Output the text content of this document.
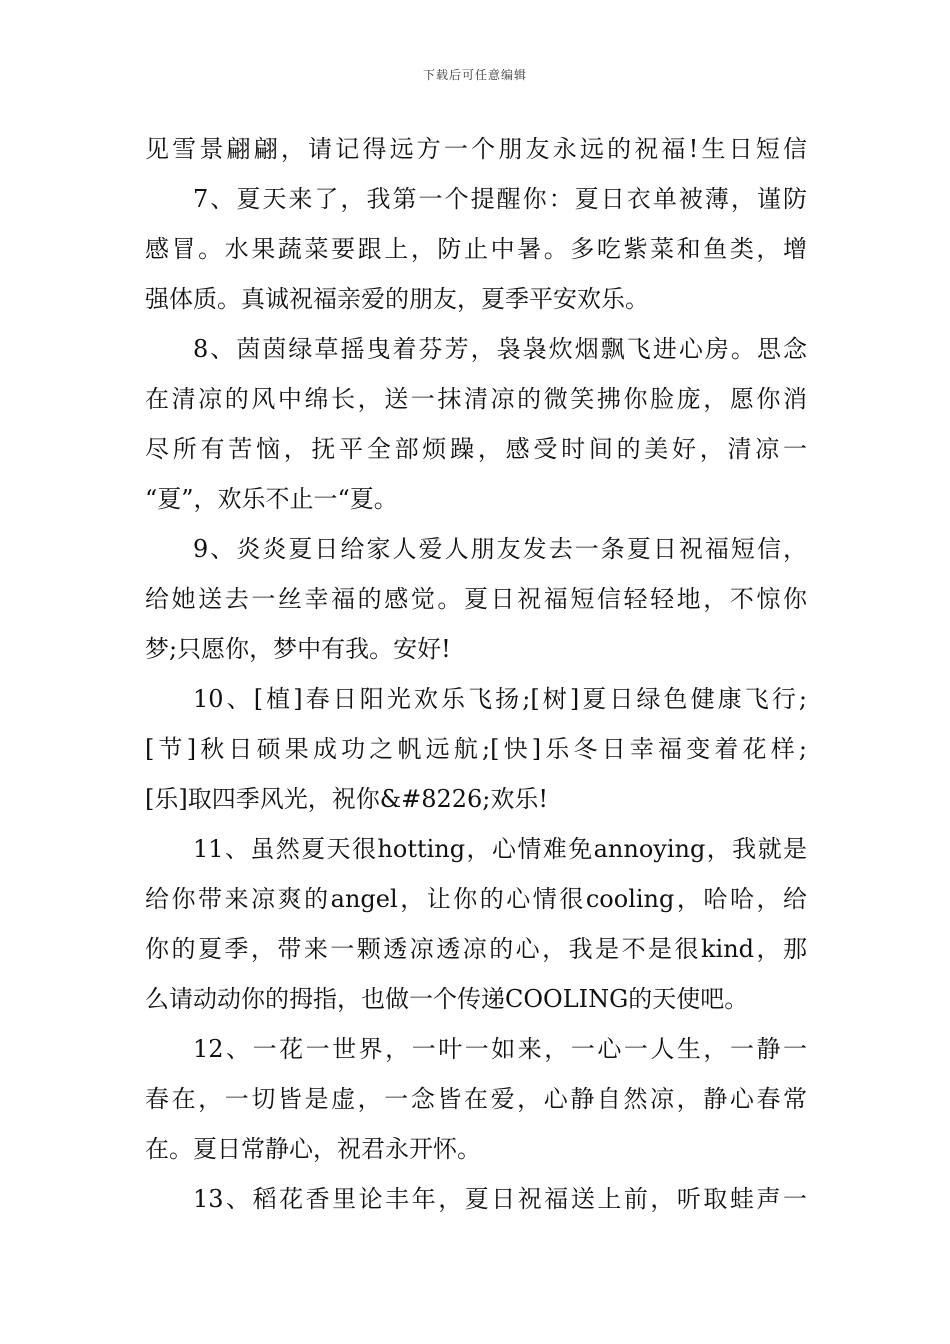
下载后可任意编辑
见雪景翩翩，请记得远方一个朋友永远的祝福!生日短信
7、夏天来了，我第一个提醒你：夏日衣单被薄，谨防
感冒。水果蔬菜要跟上，防止中暑。多吃紫菜和鱼类，增
强体质。真诚祝福亲爱的朋友，夏季平安欢乐。
8、茵茵绿草摇曳着芬芳，袅袅炊烟飘飞进心房。思念
在清凉的风中绵长，送一抹清凉的微笑拂你脸庞，愿你消
尽所有苦恼，抚平全部烦躁，感受时间的美好，清凉一
“夏”，欢乐不止一“夏。
9、炎炎夏日给家人爱人朋友发去一条夏日祝福短信，
给她送去一丝幸福的感觉。夏日祝福短信轻轻地，不惊你
梦;只愿你，梦中有我。安好!
10、[植]春日阳光欢乐飞扬;[树]夏日绿色健康飞行;
[节]秋日硕果成功之帆远航;[快]乐冬日幸福变着花样;
[乐]取四季风光，祝你&#8226;欢乐!
11、虽然夏天很hotting，心情难免annoying，我就是
给你带来凉爽的angel，让你的心情很cooling，哈哈，给
你的夏季，带来一颗透凉透凉的心，我是不是很kind，那
么请动动你的拇指，也做一个传递COOLING的天使吧。
12、一花一世界，一叶一如来，一心一人生，一静一
春在，一切皆是虚，一念皆在爱，心静自然凉，静心春常
在。夏日常静心，祝君永开怀。
13、稻花香里论丰年，夏日祝福送上前，听取蛙声一
